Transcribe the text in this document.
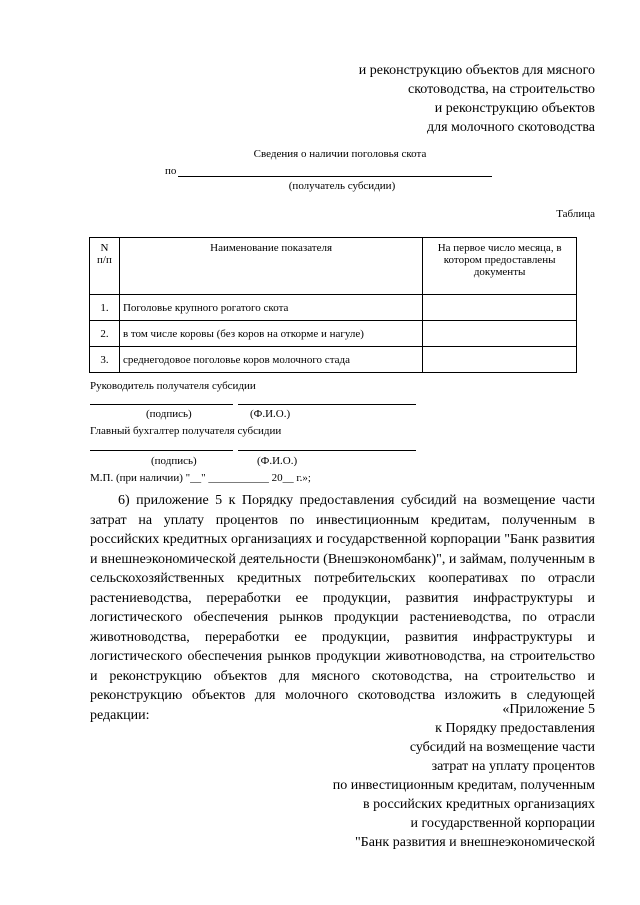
и реконструкцию объектов для мясного
скотоводства, на строительство
и реконструкцию объектов
для молочного скотоводства
Сведения о наличии поголовья скота
по
(получатель субсидии)
Таблица
N
п/п	Наименование показателя	На первое число месяца, в котором предоставлены документы
1.	Поголовье крупного рогатого скота	
2.	в том числе коровы (без коров на откорме и нагуле)	
3.	среднегодовое поголовье коров молочного стада	
Руководитель получателя субсидии
(подпись)	(Ф.И.О.)
Главный бухгалтер получателя субсидии
(подпись)	(Ф.И.О.)
М.П. (при наличии) "__" ___________ 20__ г.»;
6) приложение 5 к Порядку предоставления субсидий на возмещение части затрат на уплату процентов по инвестиционным кредитам, полученным в российских кредитных организациях и государственной корпорации "Банк развития и внешнеэкономической деятельности (Внешэкономбанк)", и займам, полученным в сельскохозяйственных кредитных потребительских кооперативах по отрасли растениеводства, переработки ее продукции, развития инфраструктуры и логистического обеспечения рынков продукции растениеводства, по отрасли животноводства, переработки ее продукции, развития инфраструктуры и логистического обеспечения рынков продукции животноводства, на строительство и реконструкцию объектов для мясного скотоводства, на строительство и реконструкцию объектов для молочного скотоводства изложить в следующей редакции:	«Приложение 5
к Порядку предоставления
субсидий на возмещение части
затрат на уплату процентов
по инвестиционным кредитам, полученным
в российских кредитных организациях
и государственной корпорации
"Банк развития и внешнеэкономической
